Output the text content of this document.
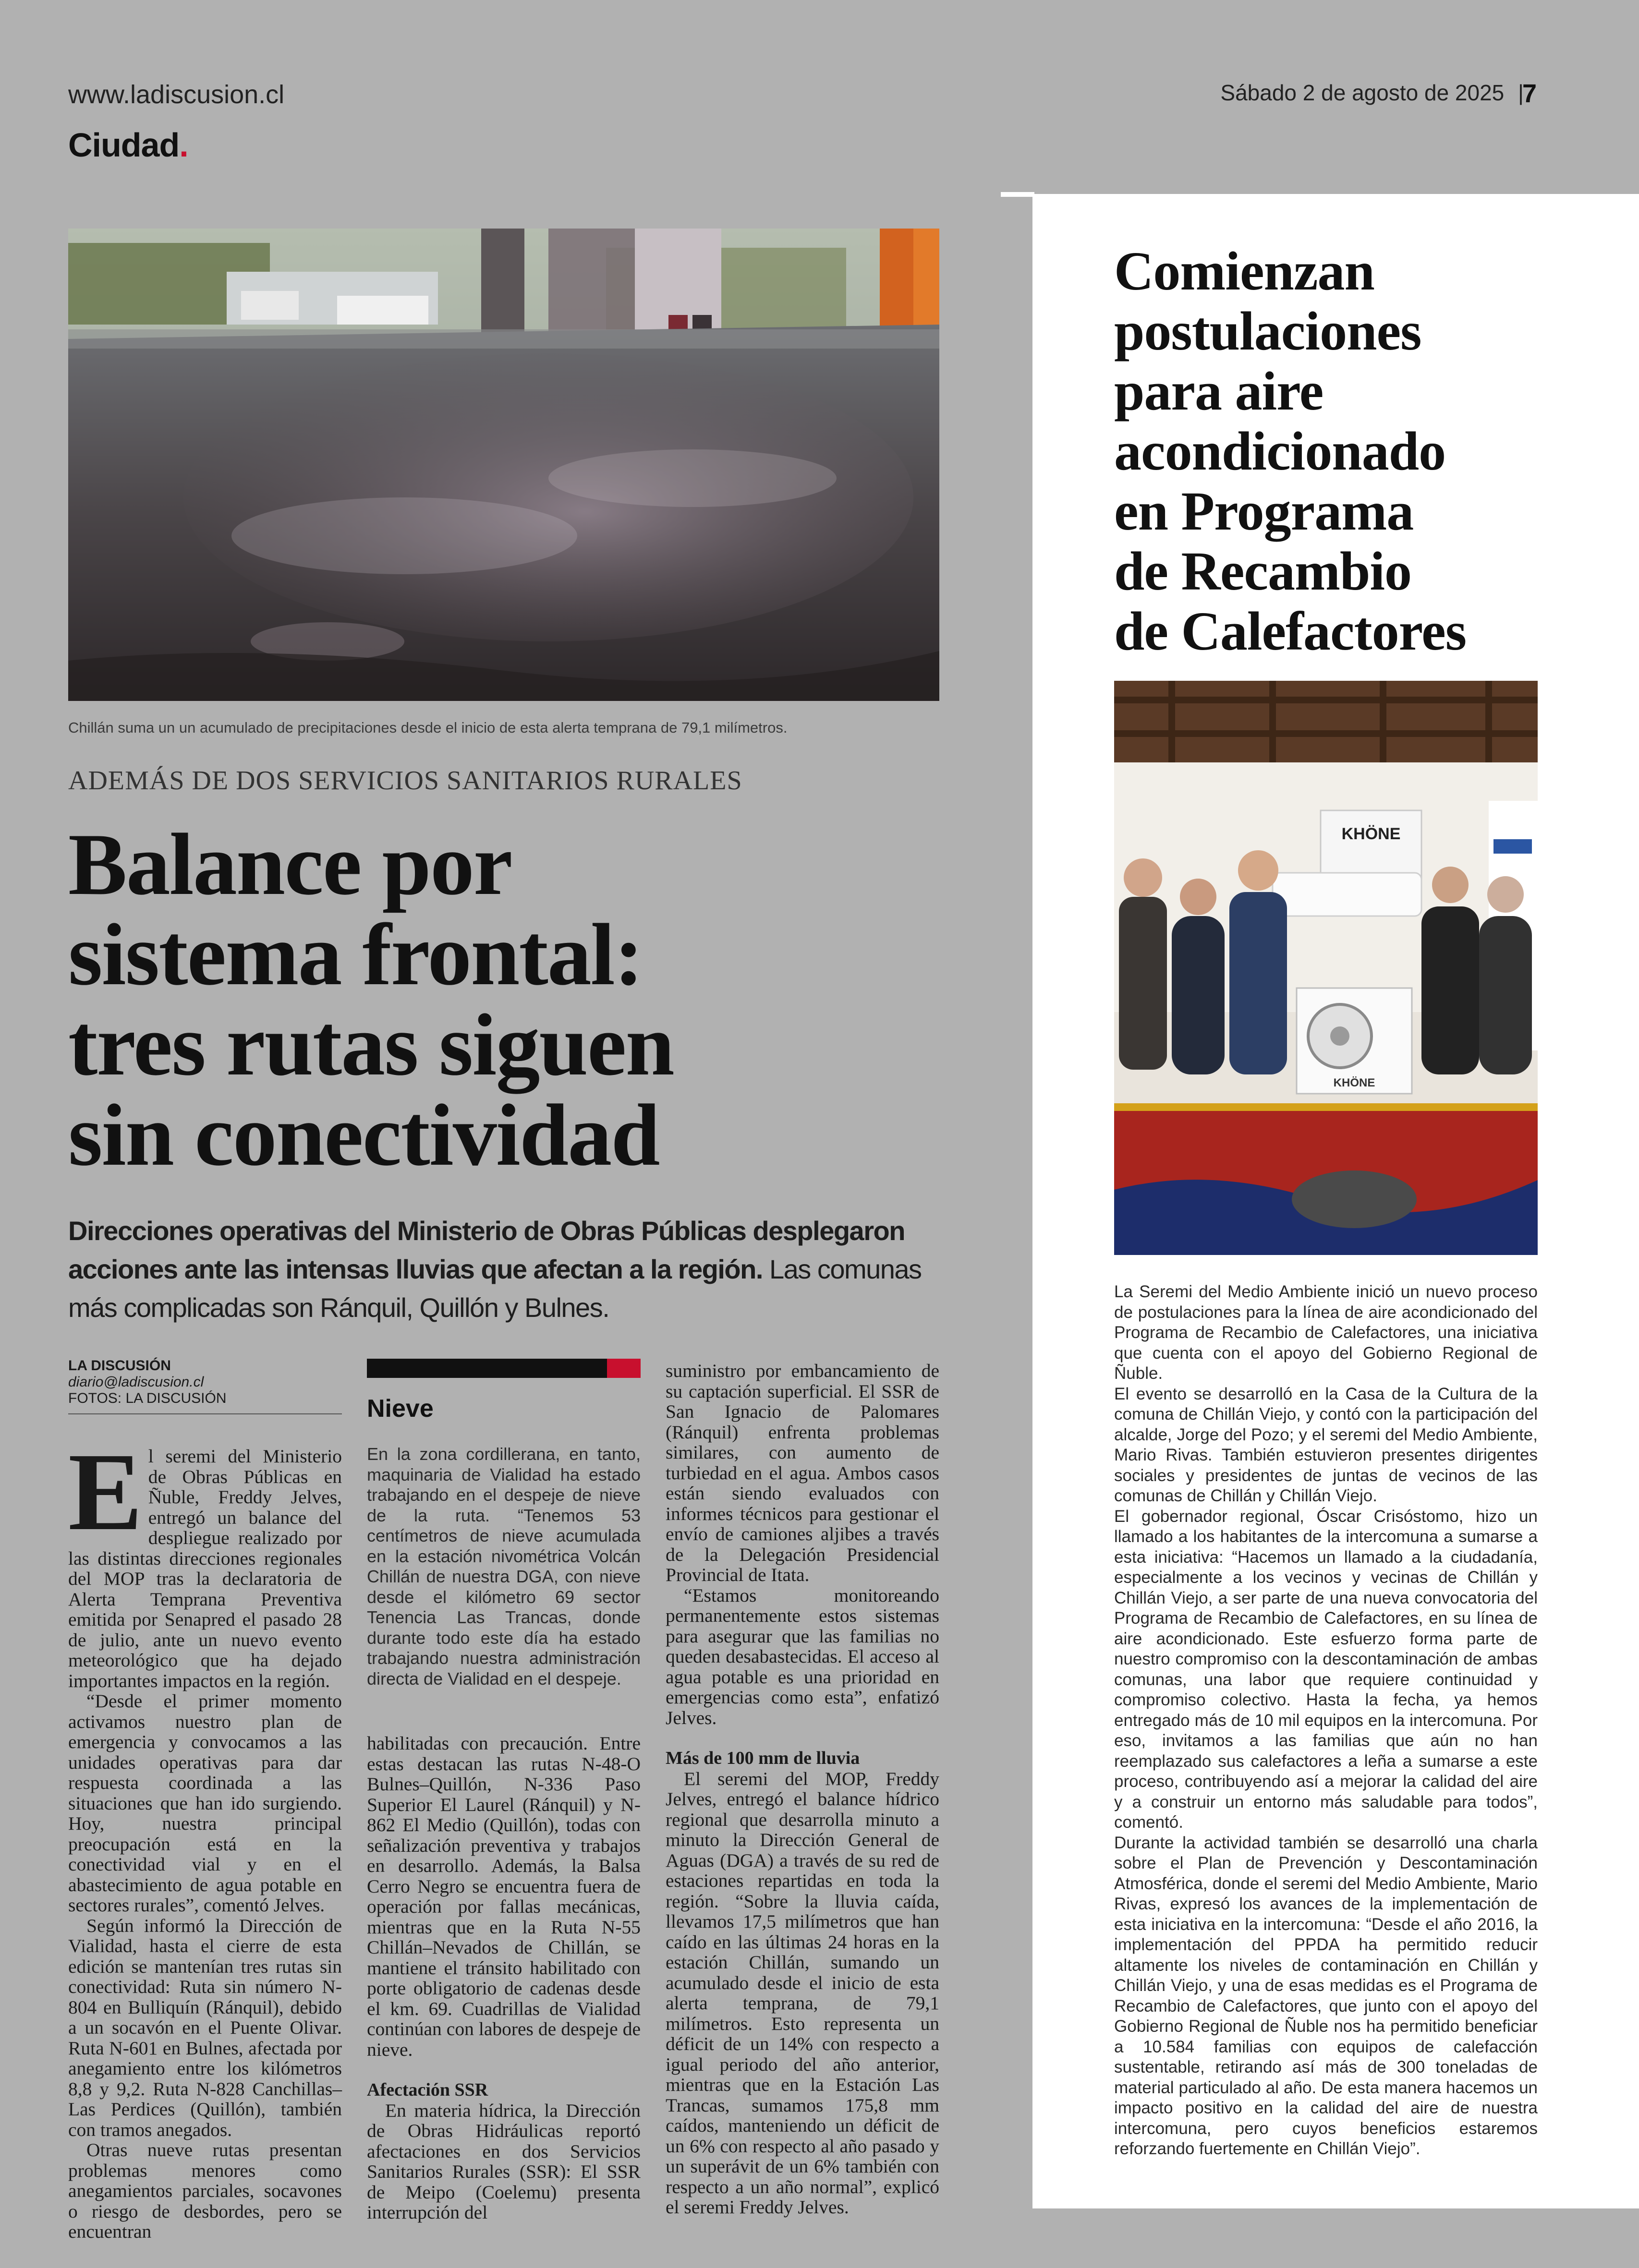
www.ladiscusion.cl
Ciudad.
Sábado 2 de agosto de 2025 |
7
Chillán suma un un acumulado de precipitaciones desde el inicio de esta alerta temprana de 79,1 milímetros.
ADEMÁS DE DOS SERVICIOS SANITARIOS RURALES
Balance por
sistema frontal:
tres rutas siguen
sin conectividad
Direcciones operativas del Ministerio de Obras Públicas desplegaron acciones ante las intensas lluvias que afectan a la región. Las comunas más complicadas son Ránquil, Quillón y Bulnes.
LA DISCUSIÓN
diario@ladiscusion.cl
FOTOS: LA DISCUSIÓN

El seremi del Ministerio de Obras Públicas en Ñuble, Freddy Jelves, entregó un balance del despliegue realizado por las distintas direcciones regionales del MOP tras la declaratoria de Alerta Temprana Preventiva emitida por Senapred el pasado 28 de julio, ante un nuevo evento meteorológico que ha dejado importantes impactos en la región.

“Desde el primer momento activamos nuestro plan de emergencia y convocamos a las unidades operativas para dar respuesta coordinada a las situaciones que han ido surgiendo. Hoy, nuestra principal preocupación está en la conectividad vial y en el abastecimiento de agua potable en sectores rurales”, comentó Jelves.

Según informó la Dirección de Vialidad, hasta el cierre de esta edición se mantenían tres rutas sin conectividad: Ruta sin número N-804 en Bulliquín (Ránquil), debido a un socavón en el Puente Olivar. Ruta N-601 en Bulnes, afectada por anegamiento entre los kilómetros 8,8 y 9,2. Ruta N-828 Canchillas–Las Perdices (Quillón), también con tramos anegados.

Otras nueve rutas presentan problemas menores como anegamientos parciales, socavones o riesgo de desbordes, pero se encuentran

Nieve
En la zona cordillerana, en tanto, maquinaria de Vialidad ha estado trabajando en el despeje de nieve de la ruta. “Tenemos 53 centímetros de nieve acumulada en la estación nivométrica Volcán Chillán de nuestra DGA, con nieve desde el kilómetro 69 sector Tenencia Las Trancas, donde durante todo este día ha estado trabajando nuestra administración directa de Vialidad en el despeje.

habilitadas con precaución. Entre estas destacan las rutas N-48-O Bulnes–Quillón, N-336 Paso Superior El Laurel (Ránquil) y N-862 El Medio (Quillón), todas con señalización preventiva y trabajos en desarrollo. Además, la Balsa Cerro Negro se encuentra fuera de operación por fallas mecánicas, mientras que en la Ruta N-55 Chillán–Nevados de Chillán, se mantiene el tránsito habilitado con porte obligatorio de cadenas desde el km. 69. Cuadrillas de Vialidad continúan con labores de despeje de nieve.

Afectación SSR

En materia hídrica, la Dirección de Obras Hidráulicas reportó afectaciones en dos Servicios Sanitarios Rurales (SSR): El SSR de Meipo (Coelemu) presenta interrupción del

suministro por embancamiento de su captación superficial. El SSR de San Ignacio de Palomares (Ránquil) enfrenta problemas similares, con aumento de turbiedad en el agua. Ambos casos están siendo evaluados con informes técnicos para gestionar el envío de camiones aljibes a través de la Delegación Presidencial Provincial de Itata.

“Estamos monitoreando permanentemente estos sistemas para asegurar que las familias no queden desabastecidas. El acceso al agua potable es una prioridad en emergencias como esta”, enfatizó Jelves.

Más de 100 mm de lluvia

El seremi del MOP, Freddy Jelves, entregó el balance hídrico regional que desarrolla minuto a minuto la Dirección General de Aguas (DGA) a través de su red de estaciones repartidas en toda la región. “Sobre la lluvia caída, llevamos 17,5 milímetros que han caído en las últimas 24 horas en la estación Chillán, sumando un acumulado desde el inicio de esta alerta temprana, de 79,1 milímetros. Esto representa un déficit de un 14% con respecto a igual periodo del año anterior, mientras que en la Estación Las Trancas, sumamos 175,8 mm caídos, manteniendo un déficit de un 6% con respecto al año pasado y un superávit de un 6% también con respecto a un año normal”, explicó el seremi Freddy Jelves.

Comienzan
postulaciones
para aire
acondicionado
en Programa
de Recambio
de Calefactores
KHÖNE
KHÖNE

La Seremi del Medio Ambiente inició un nuevo proceso de postulaciones para la línea de aire acondicionado del Programa de Recambio de Calefactores, una iniciativa que cuenta con el apoyo del Gobierno Regional de Ñuble.

El evento se desarrolló en la Casa de la Cultura de la comuna de Chillán Viejo, y contó con la participación del alcalde, Jorge del Pozo; y el seremi del Medio Ambiente, Mario Rivas. También estuvieron presentes dirigentes sociales y presidentes de juntas de vecinos de las comunas de Chillán y Chillán Viejo.

El gobernador regional, Óscar Crisóstomo, hizo un llamado a los habitantes de la intercomuna a sumarse a esta iniciativa: “Hacemos un llamado a la ciudadanía, especialmente a los vecinos y vecinas de Chillán y Chillán Viejo, a ser parte de una nueva convocatoria del Programa de Recambio de Calefactores, en su línea de aire acondicionado. Este esfuerzo forma parte de nuestro compromiso con la descontaminación de ambas comunas, una labor que requiere continuidad y compromiso colectivo. Hasta la fecha, ya hemos entregado más de 10 mil equipos en la intercomuna. Por eso, invitamos a las familias que aún no han reemplazado sus calefactores a leña a sumarse a este proceso, contribuyendo así a mejorar la calidad del aire y a construir un entorno más saludable para todos”, comentó.

Durante la actividad también se desarrolló una charla sobre el Plan de Prevención y Descontaminación Atmosférica, donde el seremi del Medio Ambiente, Mario Rivas, expresó los avances de la implementación de esta iniciativa en la intercomuna: “Desde el año 2016, la implementación del PPDA ha permitido reducir altamente los niveles de contaminación en Chillán y Chillán Viejo, y una de esas medidas es el Programa de Recambio de Calefactores, que junto con el apoyo del Gobierno Regional de Ñuble nos ha permitido beneficiar a 10.584 familias con equipos de calefacción sustentable, retirando así más de 300 toneladas de material particulado al año. De esta manera hacemos un impacto positivo en la calidad del aire de nuestra intercomuna, pero cuyos beneficios estaremos reforzando fuertemente en Chillán Viejo”.
